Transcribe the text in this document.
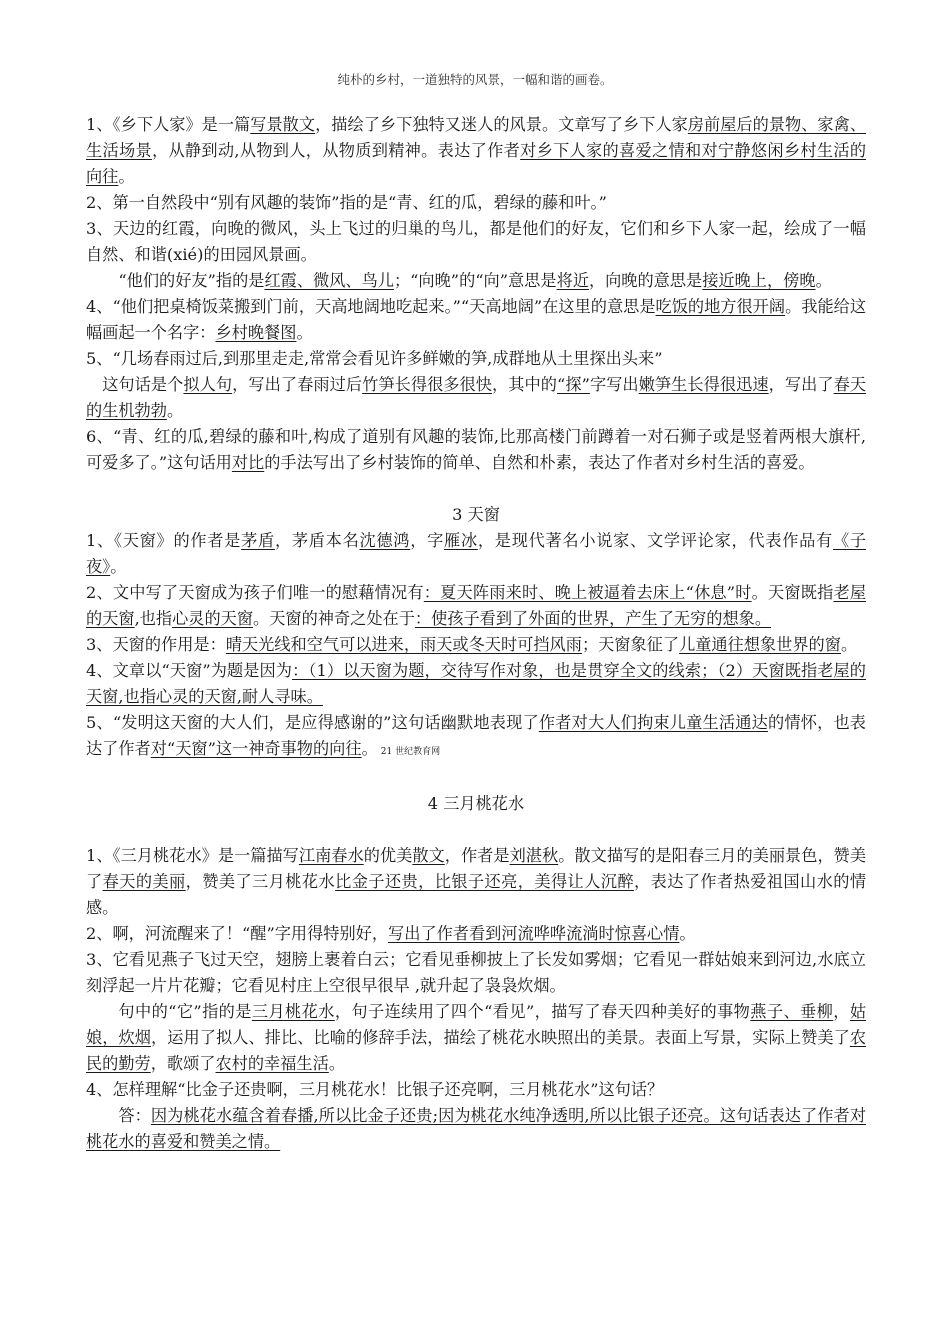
纯朴的乡村，一道独特的风景，一幅和谐的画卷。

1、《乡下人家》是一篇写景散文，描绘了乡下独特又迷人的风景。文章写了乡下人家房前屋后的景物、家禽、生活场景，从静到动,从物到人，从物质到精神。表达了作者对乡下人家的喜爱之情和对宁静悠闲乡村生活的向往。

2、第一自然段中“别有风趣的装饰”指的是“青、红的瓜，碧绿的藤和叶。”

3、天边的红霞，向晚的微风，头上飞过的归巢的鸟儿，都是他们的好友，它们和乡下人家一起，绘成了一幅自然、和谐(xié)的田园风景画。

“他们的好友”指的是红霞、微风、鸟儿；“向晚”的“向”意思是将近，向晚的意思是接近晚上，傍晚。

4、“他们把桌椅饭菜搬到门前，天高地阔地吃起来。”“天高地阔”在这里的意思是吃饭的地方很开阔。我能给这幅画起一个名字：乡村晚餐图。

5、“几场春雨过后,到那里走走,常常会看见许多鲜嫩的笋,成群地从土里探出头来”

这句话是个拟人句，写出了春雨过后竹笋长得很多很快，其中的“探”字写出嫩笋生长得很迅速，写出了春天的生机勃勃。

6、“青、红的瓜,碧绿的藤和叶,构成了道别有风趣的装饰,比那高楼门前蹲着一对石狮子或是竖着两根大旗杆,可爱多了。”这句话用对比的手法写出了乡村装饰的简单、自然和朴素，表达了作者对乡村生活的喜爱。

3 天窗

1、《天窗》的作者是茅盾，茅盾本名沈德鸿，字雁冰，是现代著名小说家、文学评论家，代表作品有《子夜》。

2、文中写了天窗成为孩子们唯一的慰藉情况有：夏天阵雨来时、晚上被逼着去床上“休息”时。天窗既指老屋的天窗,也指心灵的天窗。天窗的神奇之处在于：使孩子看到了外面的世界，产生了无穷的想象。

3、天窗的作用是：晴天光线和空气可以进来，雨天或冬天时可挡风雨；天窗象征了儿童通往想象世界的窗。

4、文章以“天窗”为题是因为：（1）以天窗为题，交待写作对象，也是贯穿全文的线索；（2）天窗既指老屋的天窗,也指心灵的天窗,耐人寻味。

5、“发明这天窗的大人们，是应得感谢的”这句话幽默地表现了作者对大人们拘束儿童生活通达的情怀，也表达了作者对“天窗”这一神奇事物的向往。 21 世纪教育网

4 三月桃花水

1、《三月桃花水》是一篇描写江南春水的优美散文，作者是刘湛秋。散文描写的是阳春三月的美丽景色，赞美了春天的美丽，赞美了三月桃花水比金子还贵，比银子还亮，美得让人沉醉，表达了作者热爱祖国山水的情感。

2、啊，河流醒来了！“醒”字用得特别好，写出了作者看到河流哗哗流淌时惊喜心情。

3、它看见燕子飞过天空，翅膀上裹着白云；它看见垂柳披上了长发如雾烟；它看见一群姑娘来到河边,水底立刻浮起一片片花瓣；它看见村庄上空很早很早 ,就升起了袅袅炊烟。

句中的“它”指的是三月桃花水，句子连续用了四个“看见”，描写了春天四种美好的事物燕子、垂柳，姑娘，炊烟，运用了拟人、排比、比喻的修辞手法，描绘了桃花水映照出的美景。表面上写景，实际上赞美了农民的勤劳，歌颂了农村的幸福生活。

4、怎样理解“比金子还贵啊，三月桃花水！比银子还亮啊，三月桃花水”这句话？

答：因为桃花水蕴含着春播,所以比金子还贵;因为桃花水纯净透明,所以比银子还亮。这句话表达了作者对桃花水的喜爱和赞美之情。
